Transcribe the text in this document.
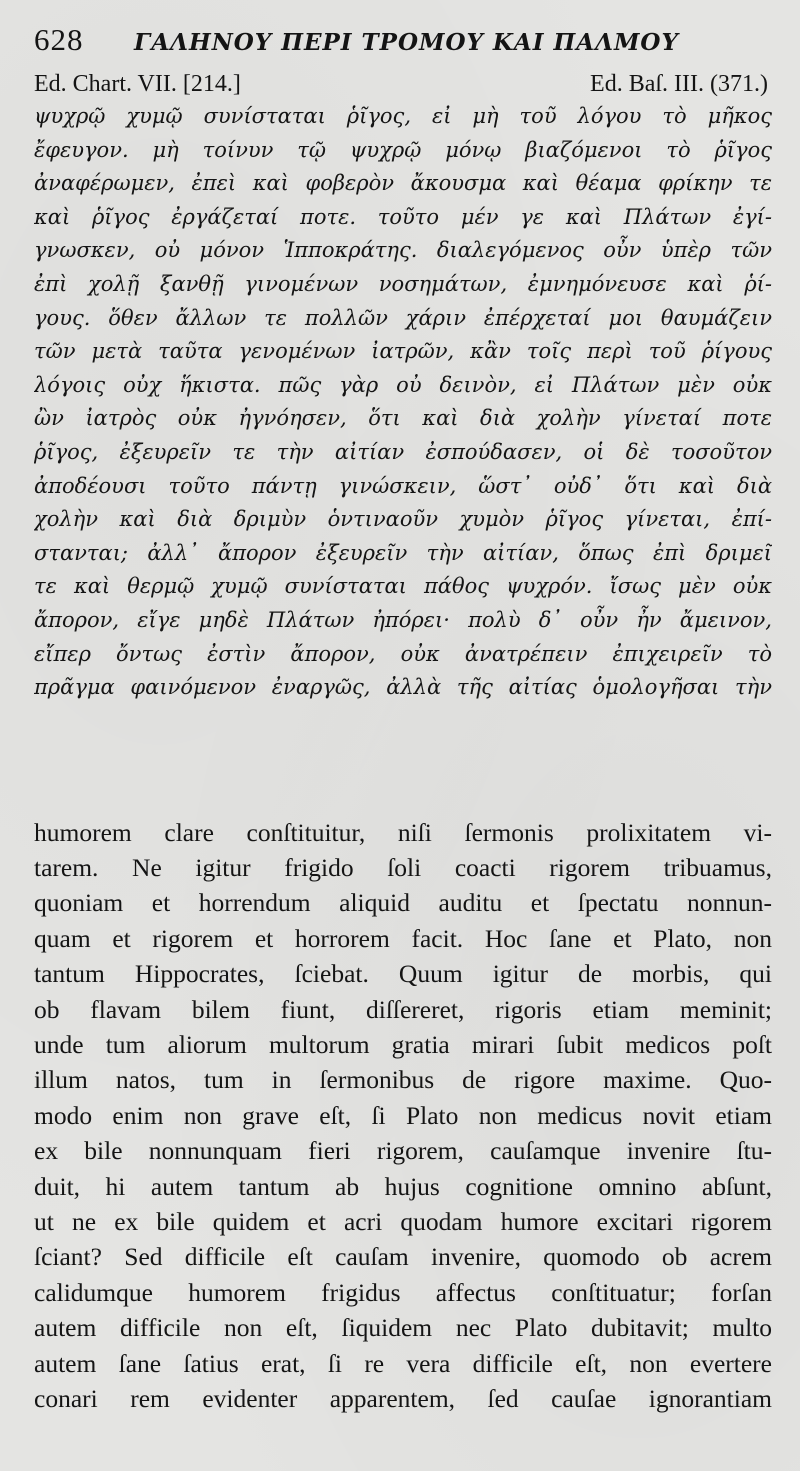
628	ΓΑΛΗΝΟΥ ΠΕΡΙ ΤΡΟΜΟΥ ΚΑΙ ΠΑΛΜΟΥ
Ed. Chart. VII. [214.]	Ed. Baſ. III. (371.)
ψυχρῷ χυμῷ συνίσταται ῥῖγος, εἰ μὴ τοῦ λόγου τὸ μῆκος
ἔφευγον. μὴ τοίνυν τῷ ψυχρῷ μόνῳ βιαζόμενοι τὸ ῥῖγος
ἀναφέρωμεν, ἐπεὶ καὶ φοβερὸν ἄκουσμα καὶ θέαμα φρίκην τε
καὶ ῥῖγος ἐργάζεταί ποτε. τοῦτο μέν γε καὶ Πλάτων ἐγί-
γνωσκεν, οὐ μόνον Ἱπποκράτης. διαλεγόμενος οὖν ὑπὲρ τῶν
ἐπὶ χολῇ ξανθῇ γινομένων νοσημάτων, ἐμνημόνευσε καὶ ῥί-
γους. ὅθεν ἄλλων τε πολλῶν χάριν ἐπέρχεταί μοι θαυμάζειν
τῶν μετὰ ταῦτα γενομένων ἰατρῶν, κἂν τοῖς περὶ τοῦ ῥίγους
λόγοις οὐχ ἥκιστα. πῶς γὰρ οὐ δεινὸν, εἰ Πλάτων μὲν οὐκ
ὢν ἰατρὸς οὐκ ἠγνόησεν, ὅτι καὶ διὰ χολὴν γίνεταί ποτε
ῥῖγος, ἐξευρεῖν τε τὴν αἰτίαν ἐσπούδασεν, οἱ δὲ τοσοῦτον
ἀποδέουσι τοῦτο πάντῃ γινώσκειν, ὥστ᾽ οὐδ᾽ ὅτι καὶ διὰ
χολὴν καὶ διὰ δριμὺν ὁντιναοῦν χυμὸν ῥῖγος γίνεται, ἐπί-
στανται; ἀλλ᾽ ἄπορον ἐξευρεῖν τὴν αἰτίαν, ὅπως ἐπὶ δριμεῖ
τε καὶ θερμῷ χυμῷ συνίσταται πάθος ψυχρόν. ἴσως μὲν οὐκ
ἄπορον, εἴγε μηδὲ Πλάτων ἠπόρει· πολὺ δ᾽ οὖν ἦν ἄμεινον,
εἴπερ ὄντως ἐστὶν ἄπορον, οὐκ ἀνατρέπειν ἐπιχειρεῖν τὸ
πρᾶγμα φαινόμενον ἐναργῶς, ἀλλὰ τῆς αἰτίας ὁμολογῆσαι τὴν
humorem clare conſtituitur, niſi ſermonis prolixitatem vi-
tarem. Ne igitur frigido ſoli coacti rigorem tribuamus,
quoniam et horrendum aliquid auditu et ſpectatu nonnun-
quam et rigorem et horrorem facit. Hoc ſane et Plato, non
tantum Hippocrates, ſciebat. Quum igitur de morbis, qui
ob flavam bilem fiunt, diſſereret, rigoris etiam meminit;
unde tum aliorum multorum gratia mirari ſubit medicos poſt
illum natos, tum in ſermonibus de rigore maxime. Quo-
modo enim non grave eſt, ſi Plato non medicus novit etiam
ex bile nonnunquam fieri rigorem, cauſamque invenire ſtu-
duit, hi autem tantum ab hujus cognitione omnino abſunt,
ut ne ex bile quidem et acri quodam humore excitari rigorem
ſciant? Sed difficile eſt cauſam invenire, quomodo ob acrem
calidumque humorem frigidus affectus conſtituatur; forſan
autem difficile non eſt, ſiquidem nec Plato dubitavit; multo
autem ſane ſatius erat, ſi re vera difficile eſt, non evertere
conari rem evidenter apparentem, ſed cauſae ignorantiam
